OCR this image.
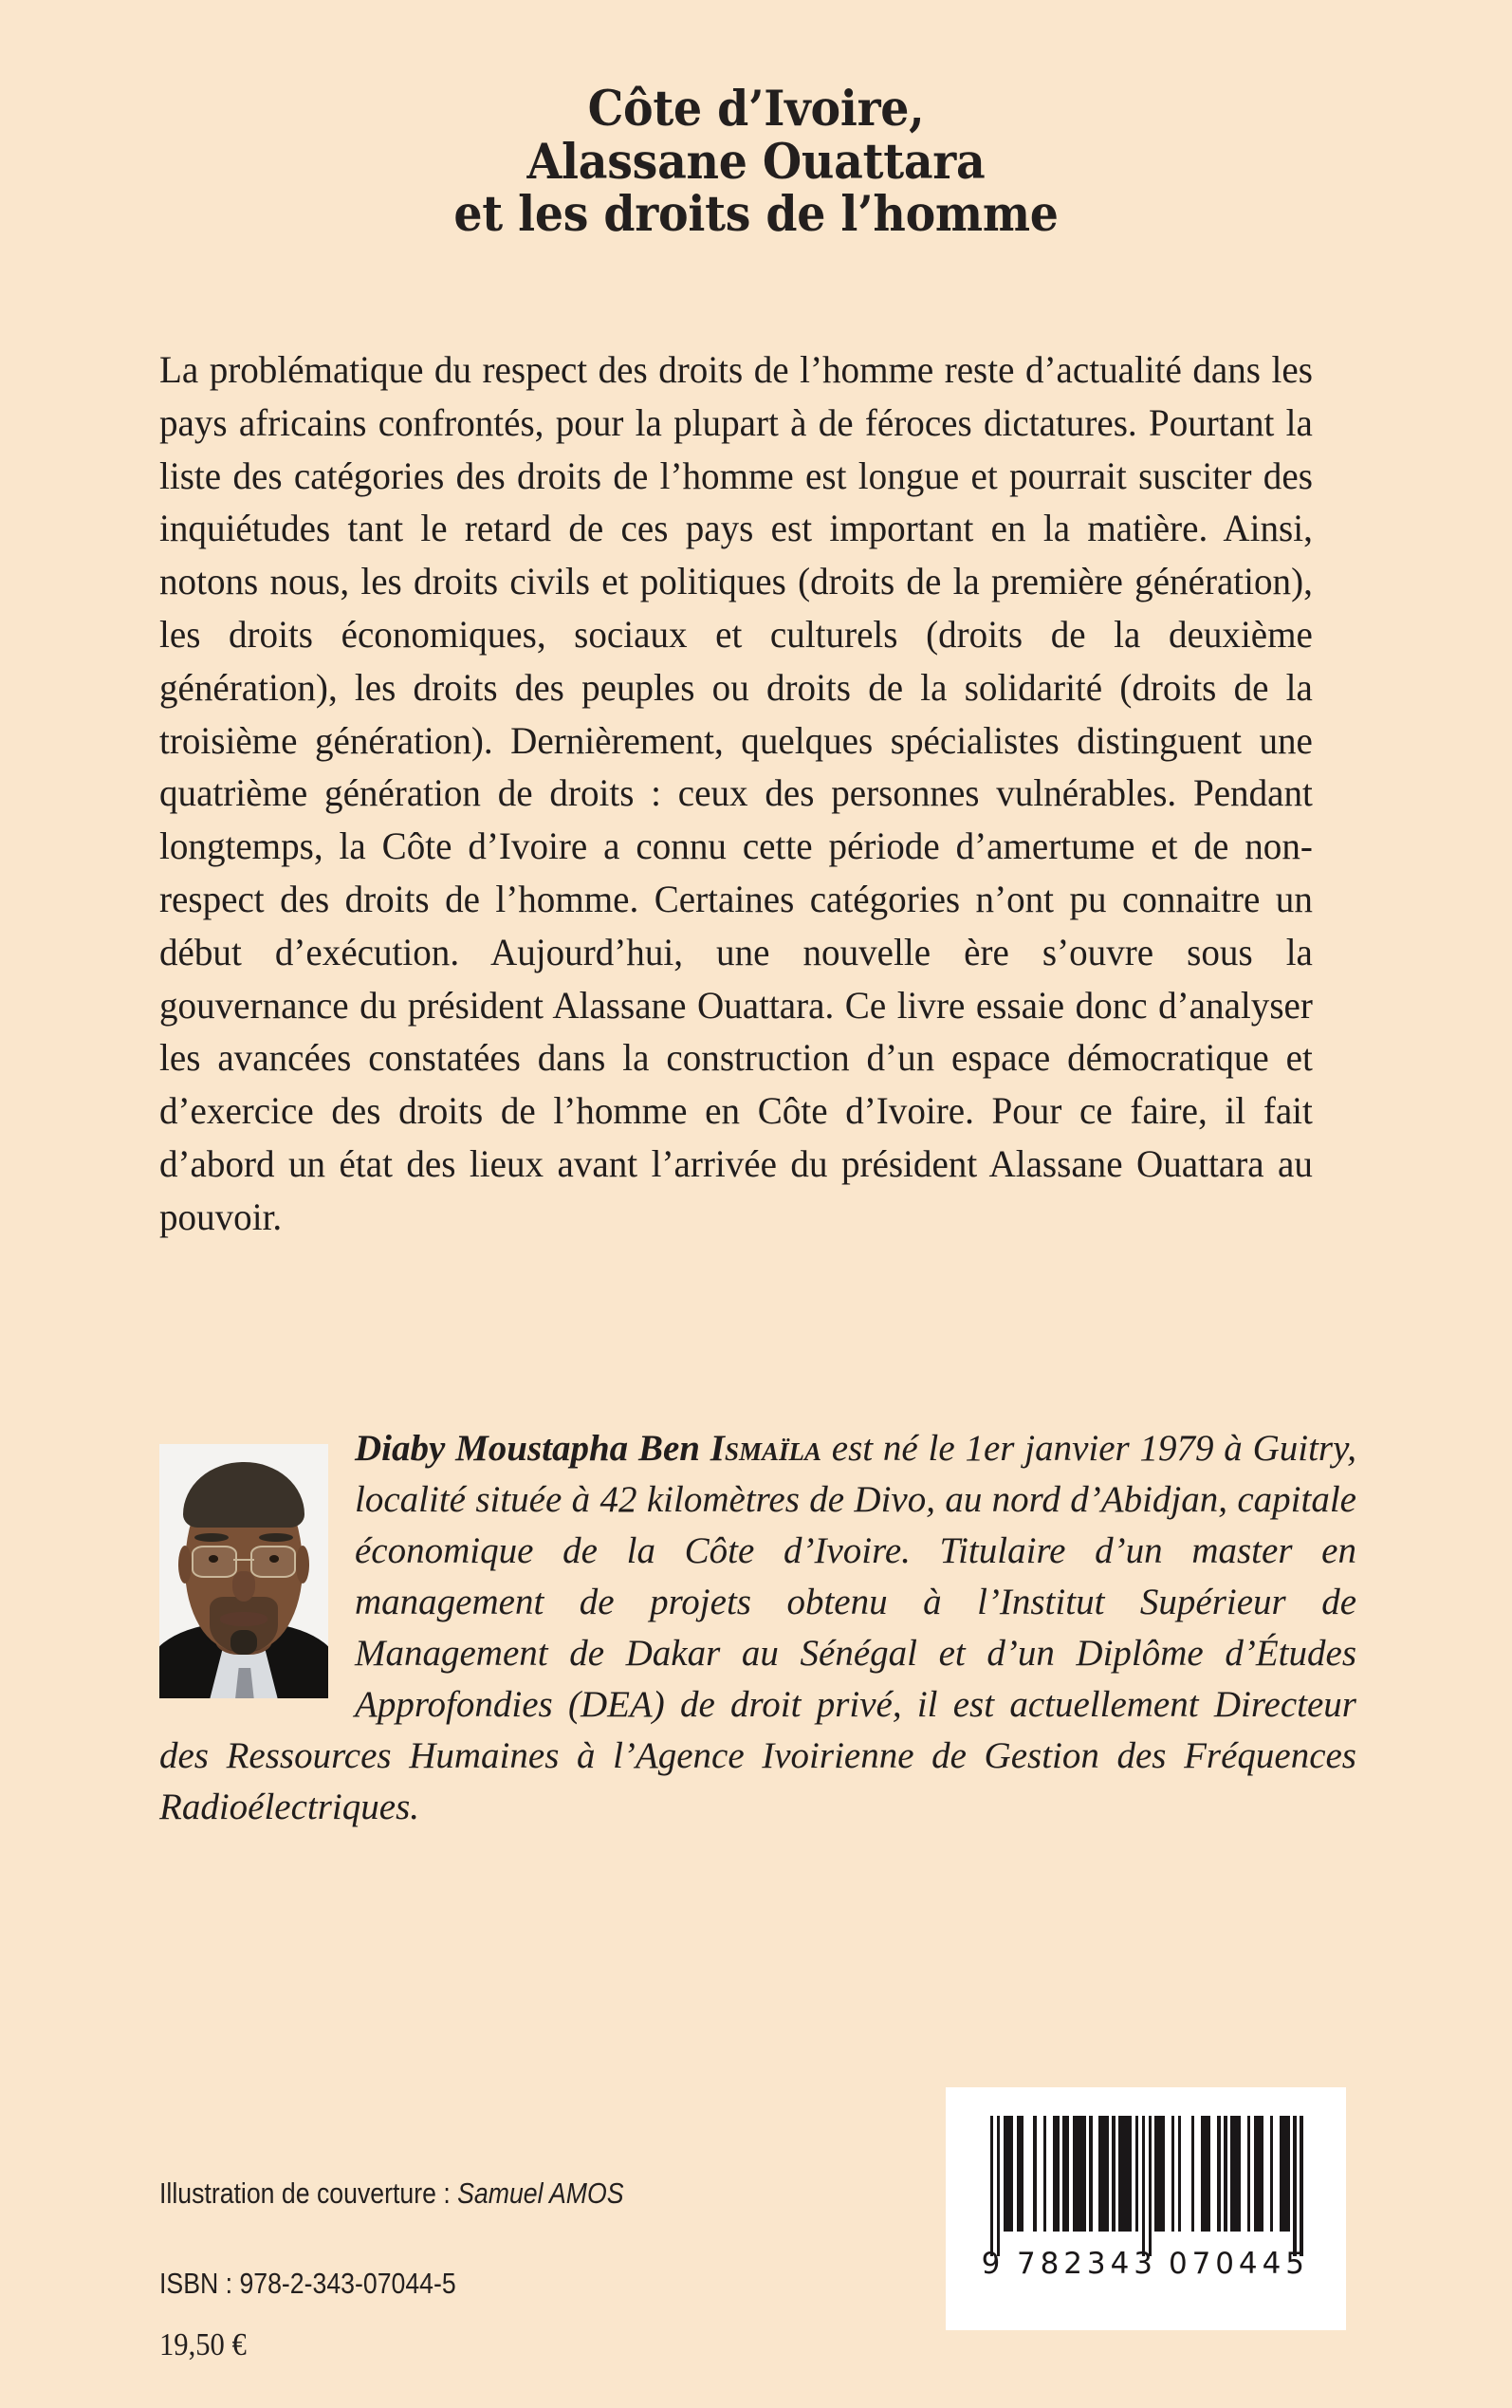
Côte d’Ivoire,
Alassane Ouattara
et les droits de l’homme

La problématique du respect des droits de l’homme reste d’actualité dans les pays africains confrontés, pour la plupart à de féroces dictatures. Pourtant la liste des catégories des droits de l’homme est longue et pourrait susciter des inquiétudes tant le retard de ces pays est important en la matière. Ainsi, notons nous, les droits civils et politiques (droits de la première génération), les droits économiques, sociaux et culturels (droits de la deuxième génération), les droits des peuples ou droits de la solidarité (droits de la troisième génération). Dernièrement, quelques spécialistes distinguent une quatrième génération de droits : ceux des personnes vulnérables. Pendant longtemps, la Côte d’Ivoire a connu cette période d’amertume et de non-respect des droits de l’homme. Certaines catégories n’ont pu connaitre un début d’exécution. Aujourd’hui, une nouvelle ère s’ouvre sous la gouvernance du président Alassane Ouattara. Ce livre essaie donc d’analyser les avancées constatées dans la construction d’un espace démocratique et d’exercice des droits de l’homme en Côte d’Ivoire. Pour ce faire, il fait d’abord un état des lieux avant l’arrivée du président Alassane Ouattara au pouvoir.

Diaby Moustapha Ben Ismaïla est né le 1er janvier 1979 à Guitry, localité située à 42 kilomètres de Divo, au nord d’Abidjan, capitale économique de la Côte d’Ivoire. Titulaire d’un master en management de projets obtenu à l’Institut Supérieur de Management de Dakar au Sénégal et d’un Diplôme d’Études Approfondies (DEA) de droit privé, il est actuellement Directeur des Ressources Humaines à l’Agence Ivoirienne de Gestion des Fréquences Radioélectriques.
Illustration de couverture : Samuel AMOS
ISBN : 978-2-343-07044-5
19,50 €
9 7 8 2 3 4 3 0 7 0 4 4 5
